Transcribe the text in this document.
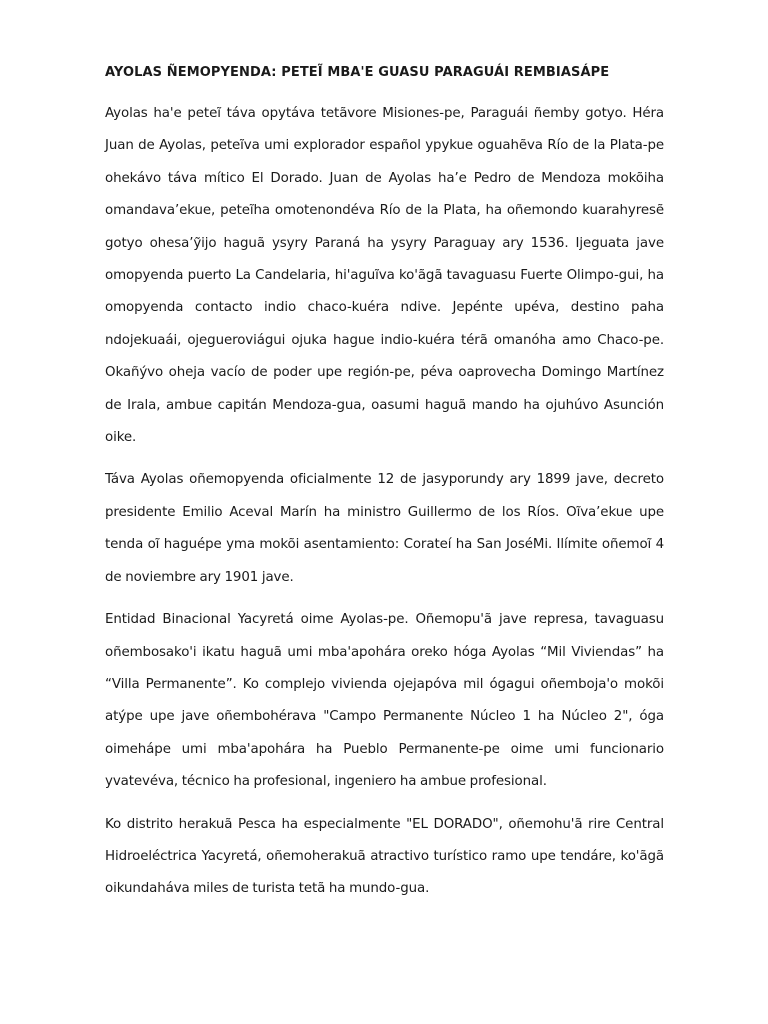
AYOLAS ÑEMOPYENDA: PETEĨ MBA'E GUASU PARAGUÁI REMBIASÁPE

Ayolas ha'e peteĩ táva opytáva tetãvore Misiones-pe, Paraguái ñemby gotyo. Héra Juan de Ayolas, peteĩva umi explorador español ypykue oguahẽva Río de la Plata-pe ohekávo táva mítico El Dorado. Juan de Ayolas ha’e Pedro de Mendoza mokõiha omandava’ekue, peteĩha omotenondéva Río de la Plata, ha oñemondo kuarahyresẽ gotyo ohesa’ỹijo haguã ysyry Paraná ha ysyry Paraguay ary 1536. Ijeguata jave omopyenda puerto La Candelaria, hi'aguĩva ko'ãgã tavaguasu Fuerte Olimpo-gui, ha omopyenda contacto indio chaco-kuéra ndive. Jepénte upéva, destino paha ndojekuaái, ojegueroviágui ojuka hague indio-kuéra térã omanóha amo Chaco-pe. Okañývo oheja vacío de poder upe región-pe, péva oaprovecha Domingo Martínez de Irala, ambue capitán Mendoza-gua, oasumi haguã mando ha ojuhúvo Asunción oike.

Táva Ayolas oñemopyenda oficialmente 12 de jasyporundy ary 1899 jave, decreto presidente Emilio Aceval Marín ha ministro Guillermo de los Ríos. Oĩva’ekue upe tenda oĩ haguépe yma mokõi asentamiento: Corateí ha San JoséMi. Ilímite oñemoĩ 4 de noviembre ary 1901 jave.

Entidad Binacional Yacyretá oime Ayolas-pe. Oñemopu'ã jave represa, tavaguasu oñembosako'i ikatu haguã umi mba'apohára oreko hóga Ayolas “Mil Viviendas” ha “Villa Permanente”. Ko complejo vivienda ojejapóva mil ógagui oñemboja'o mokõi atýpe upe jave oñembohérava "Campo Permanente Núcleo 1 ha Núcleo 2", óga oimehápe umi mba'apohára ha Pueblo Permanente-pe oime umi funcionario yvatevéva, técnico ha profesional, ingeniero ha ambue profesional.

Ko distrito herakuã Pesca ha especialmente "EL DORADO", oñemohu'ã rire Central Hidroeléctrica Yacyretá, oñemoherakuã atractivo turístico ramo upe tendáre, ko'ãgã oikundaháva miles de turista tetã ha mundo-gua.
